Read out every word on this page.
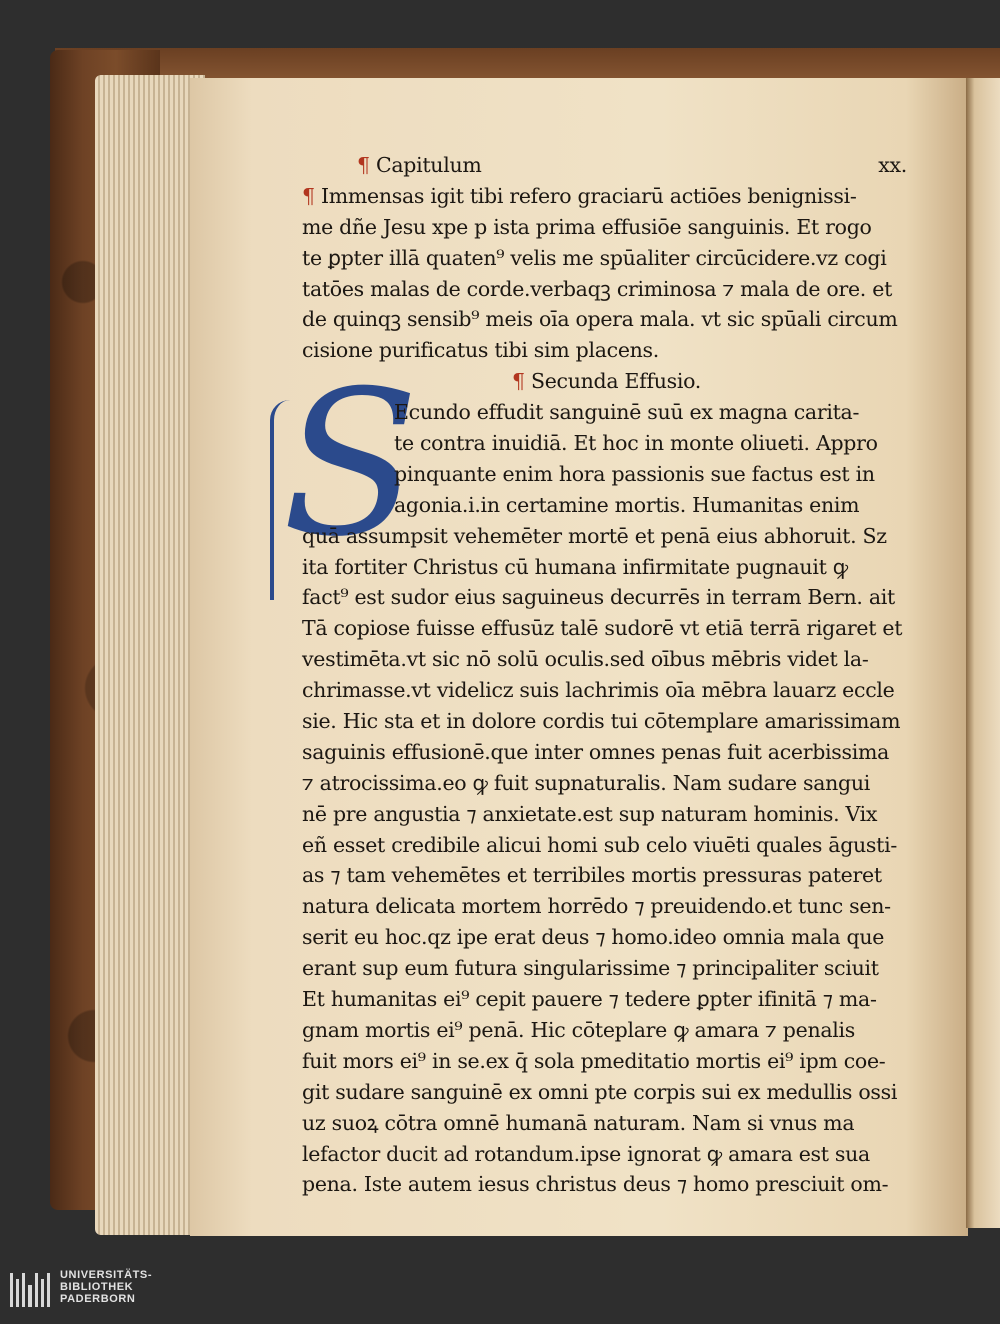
S
¶ Capitulum	xx.
¶ Immensas igit tibi refero graciarū actiōes benignissi-
me dñe Jesu xpe p ista prima effusiōe sanguinis. Et rogo
te ꝑpter illā quaten⁹ velis me spūaliter circūcidere.vz cogi
tatōes malas de corde.verbaqꝫ criminosa ⁊ mala de ore. et
de quinqꝫ sensib⁹ meis oīa opera mala. vt sic spūali circum
cisione purificatus tibi sim placens.
¶ Secunda Effusio.
Ecundo effudit sanguinē suū ex magna carita-
te contra inuidiā. Et hoc in monte oliueti. Appro
pinquante enim hora passionis sue factus est in
agonia.i.in certamine mortis. Humanitas enim
quā assumpsit vehemēter mortē et penā eius abhoruit. Sz
ita fortiter Christus cū humana infirmitate pugnauit ꝙ
fact⁹ est sudor eius saguineus decurrēs in terram Bern. ait
Tā copiose fuisse effusūz talē sudorē vt etiā terrā rigaret et
vestimēta.vt sic nō solū oculis.sed oībus mēbris videt la-
chrimasse.vt videlicz suis lachrimis oīa mēbra lauarz eccle
sie. Hic sta et in dolore cordis tui cōtemplare amarissimam
saguinis effusionē.que inter omnes penas fuit acerbissima
⁊ atrocissima.eo ꝙ fuit supnaturalis. Nam sudare sangui
nē pre angustia ⁊ anxietate.est sup naturam hominis. Vix
eñ esset credibile alicui homi sub celo viuēti quales āgusti-
as ⁊ tam vehemētes et terribiles mortis pressuras pateret
natura delicata mortem horrēdo ⁊ preuidendo.et tunc sen-
serit eu hoc.qz ipe erat deus ⁊ homo.ideo omnia mala que
erant sup eum futura singularissime ⁊ principaliter sciuit
Et humanitas ei⁹ cepit pauere ⁊ tedere ꝑpter ifinitā ⁊ ma-
gnam mortis ei⁹ penā. Hic cōteplare ꝙ amara ⁊ penalis
fuit mors ei⁹ in se.ex q̄ sola pmeditatio mortis ei⁹ ipm coe-
git sudare sanguinē ex omni pte corpis sui ex medullis ossi
uz suoꝝ cōtra omnē humanā naturam. Nam si vnus ma
lefactor ducit ad rotandum.ipse ignorat ꝙ amara est sua
pena. Iste autem iesus christus deus ⁊ homo presciuit om-
UNIVERSITÄTS-
BIBLIOTHEK
PADERBORN
